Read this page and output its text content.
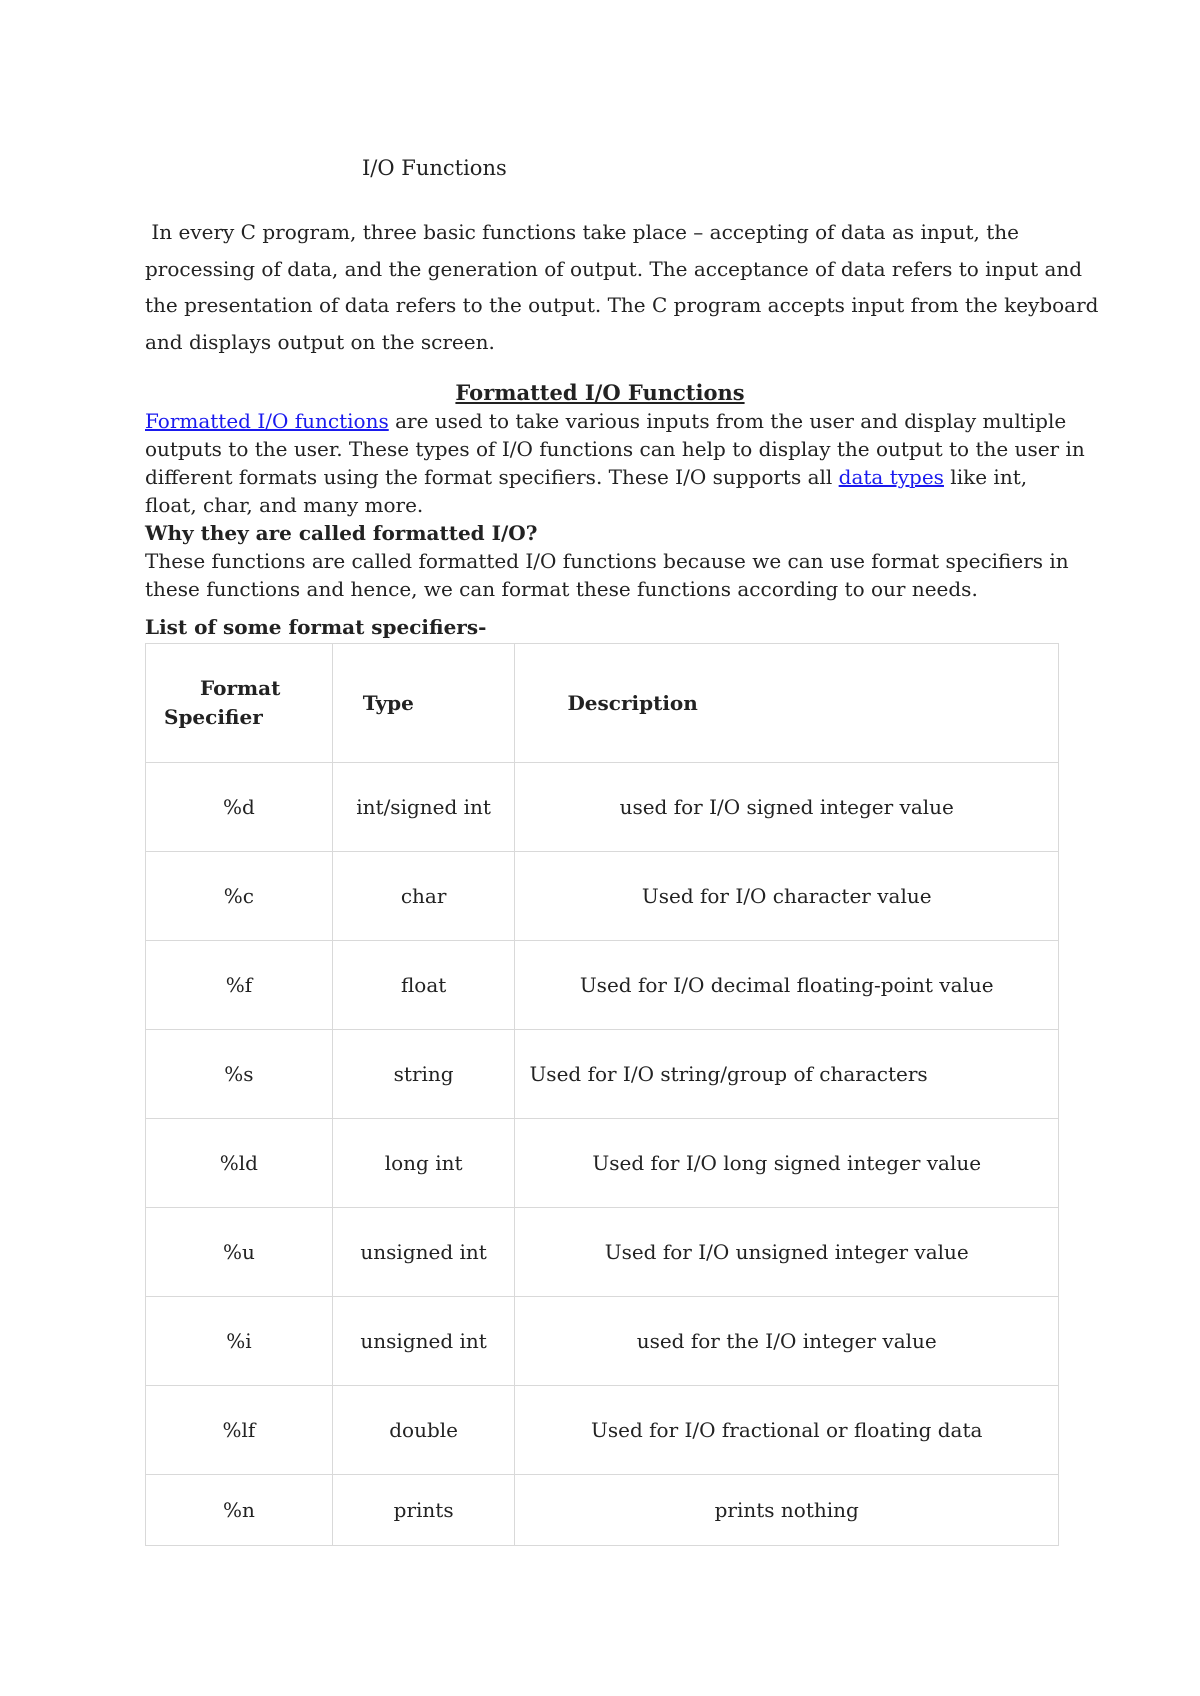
I/O Functions
In every C program, three basic functions take place – accepting of data as input, the
processing of data, and the generation of output. The acceptance of data refers to input and
the presentation of data refers to the output. The C program accepts input from the keyboard
and displays output on the screen.
Formatted I/O Functions
Formatted I/O functions are used to take various inputs from the user and display multiple
outputs to the user. These types of I/O functions can help to display the output to the user in
different formats using the format specifiers. These I/O supports all data types like int,
float, char, and many more.
Why they are called formatted I/O?
These functions are called formatted I/O functions because we can use format specifiers in
these functions and hence, we can format these functions according to our needs.
List of some format specifiers-
Format
Specifier	Type	Description

%d	int/signed int	used for I/O signed integer value
%c	char	Used for I/O character value
%f	float	Used for I/O decimal floating-point value
%s	string	Used for I/O string/group of characters
%ld	long int	Used for I/O long signed integer value
%u	unsigned int	Used for I/O unsigned integer value
%i	unsigned int	used for the I/O integer value
%lf	double	Used for I/O fractional or floating data
%n	prints	prints nothing
